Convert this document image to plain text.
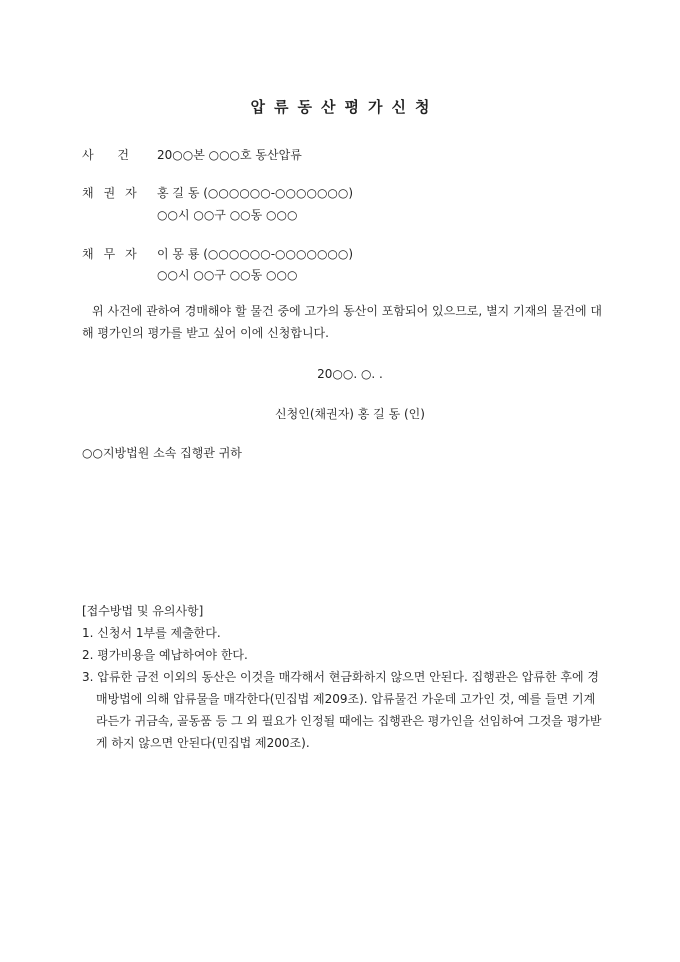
압류동산평가신청
사 건 20○○본 ○○○호 동산압류
채권자 홍 길 동 (○○○○○○-○○○○○○○)
○○시 ○○구 ○○동 ○○○
채무자 이 몽 룡 (○○○○○○-○○○○○○○)
○○시 ○○구 ○○동 ○○○
위 사건에 관하여 경매해야 할 물건 중에 고가의 동산이 포함되어 있으므로, 별지 기재의 물건에 대해 평가인의 평가를 받고 싶어 이에 신청합니다.
20○○. ○. .
신청인(채권자) 홍 길 동 (인)
○○지방법원 소속 집행관 귀하
[접수방법 및 유의사항]
1. 신청서 1부를 제출한다.
2. 평가비용을 예납하여야 한다.
3. 압류한 금전 이외의 동산은 이것을 매각해서 현금화하지 않으면 안된다. 집행관은 압류한 후에 경매방법에 의해 압류물을 매각한다(민집법 제209조). 압류물건 가운데 고가인 것, 예를 들면 기계라든가 귀금속, 골동품 등 그 외 필요가 인정될 때에는 집행관은 평가인을 선임하여 그것을 평가받게 하지 않으면 안된다(민집법 제200조).
